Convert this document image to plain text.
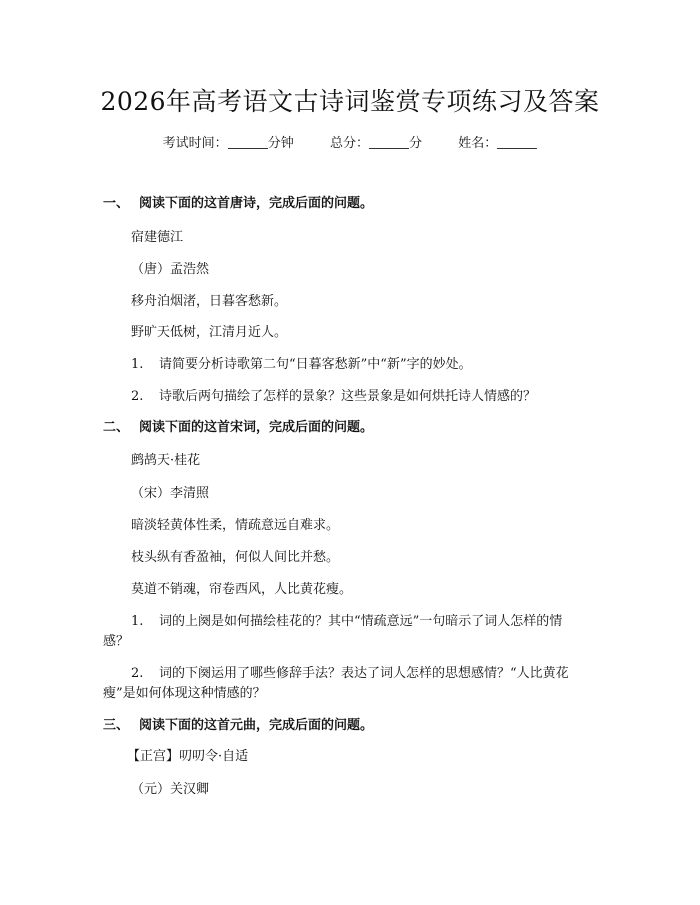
2026年高考语文古诗词鉴赏专项练习及答案
考试时间：	分钟	总分：	分	姓名：
一、 阅读下面的这首唐诗，完成后面的问题。
宿建德江
（唐）孟浩然
移舟泊烟渚，日暮客愁新。
野旷天低树，江清月近人。
1. 请简要分析诗歌第二句“日暮客愁新”中“新”字的妙处。
2. 诗歌后两句描绘了怎样的景象？这些景象是如何烘托诗人情感的？
二、 阅读下面的这首宋词，完成后面的问题。
鹧鸪天·桂花
（宋）李清照
暗淡轻黄体性柔，情疏意远自难求。
枝头纵有香盈袖，何似人间比并愁。
莫道不销魂，帘卷西风，人比黄花瘦。
1. 词的上阕是如何描绘桂花的？其中“情疏意远”一句暗示了词人怎样的情
感？
2. 词的下阕运用了哪些修辞手法？表达了词人怎样的思想感情？“人比黄花
瘦”是如何体现这种情感的？
三、 阅读下面的这首元曲，完成后面的问题。
【正宫】叨叨令·自适
（元）关汉卿
